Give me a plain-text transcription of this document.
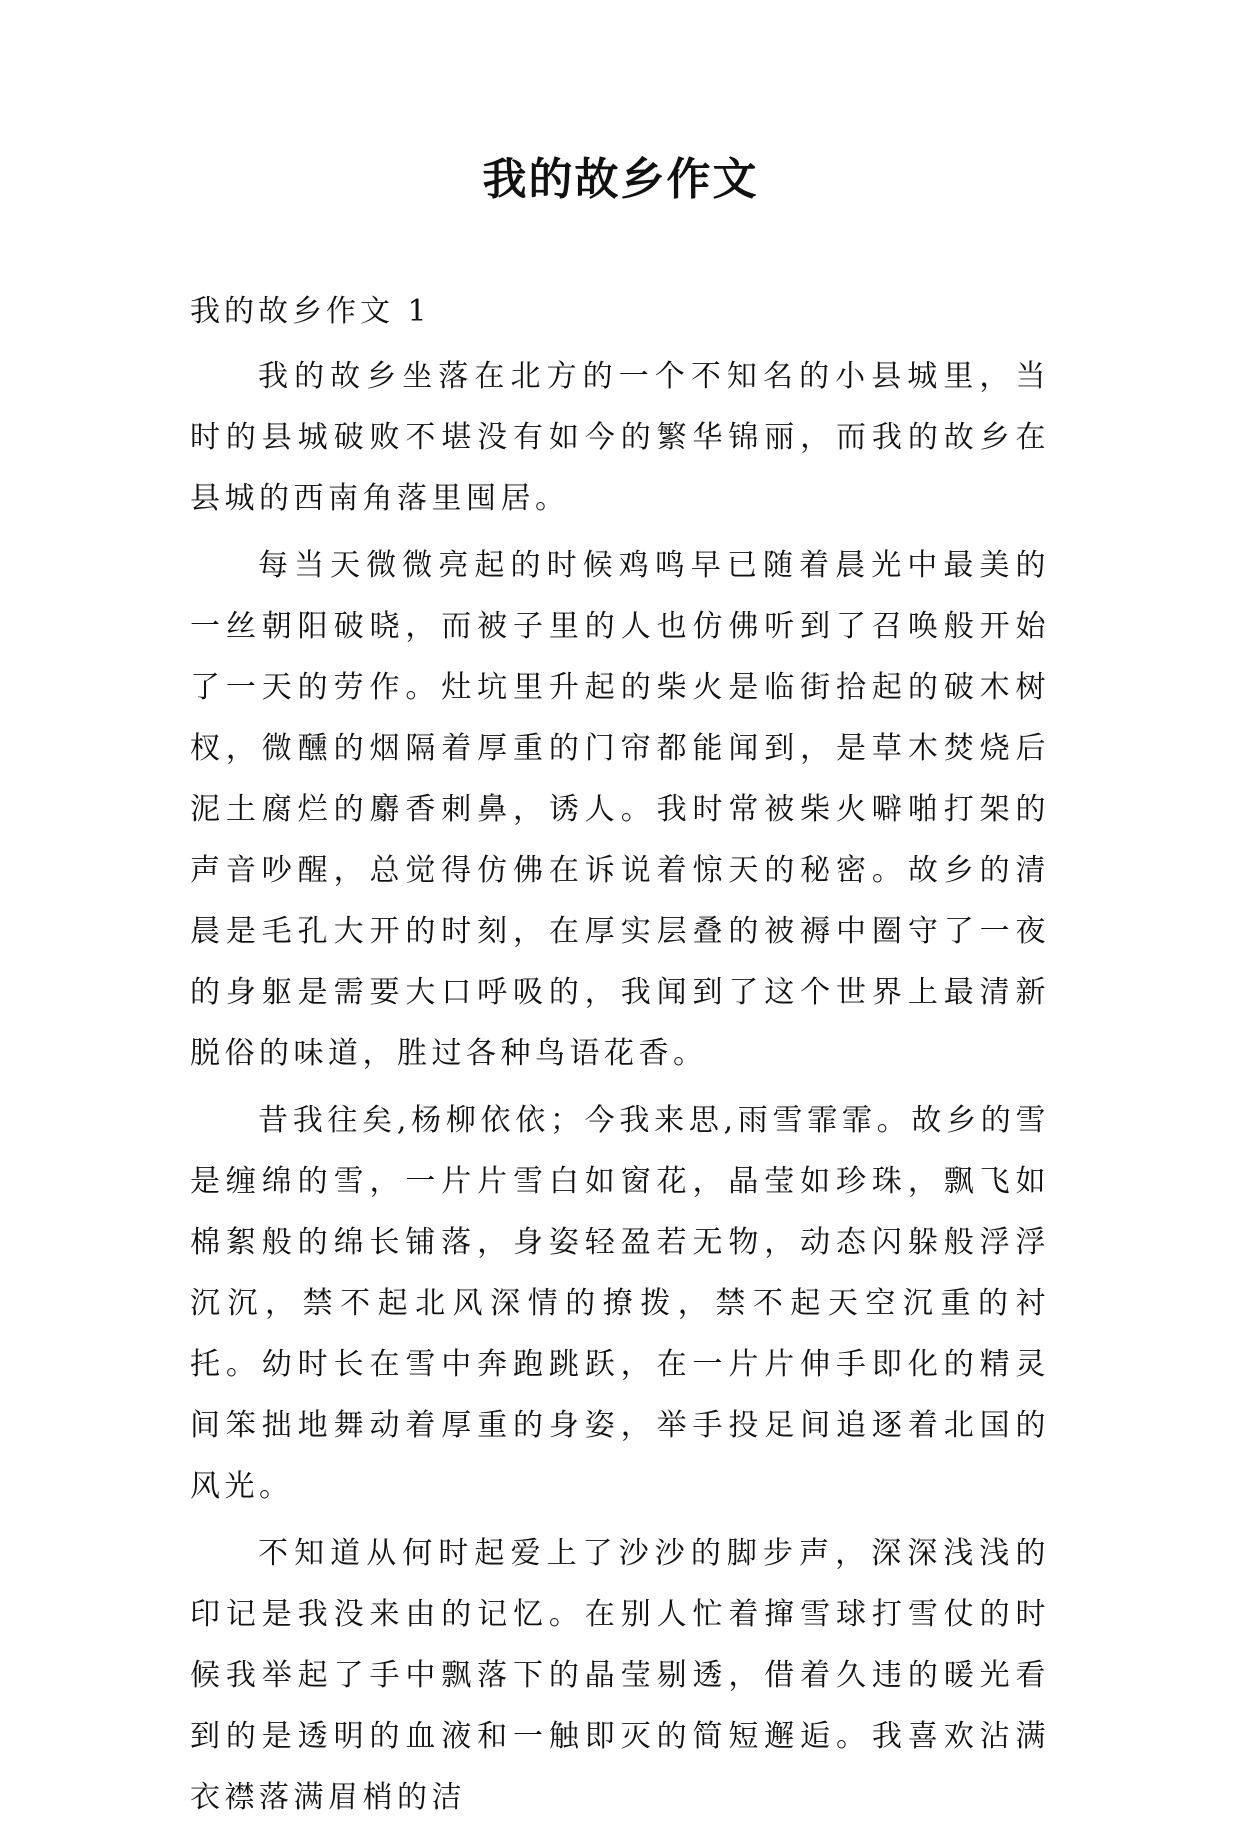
我的故乡作文

我的故乡作文 1

我的故乡坐落在北方的一个不知名的小县城里，当时的县城破败不堪没有如今的繁华锦丽，而我的故乡在县城的西南角落里囤居。

每当天微微亮起的时候鸡鸣早已随着晨光中最美的一丝朝阳破晓，而被子里的人也仿佛听到了召唤般开始了一天的劳作。灶坑里升起的柴火是临街拾起的破木树杈，微醺的烟隔着厚重的门帘都能闻到，是草木焚烧后泥土腐烂的麝香刺鼻，诱人。我时常被柴火噼啪打架的声音吵醒，总觉得仿佛在诉说着惊天的秘密。故乡的清晨是毛孔大开的时刻，在厚实层叠的被褥中圈守了一夜的身躯是需要大口呼吸的，我闻到了这个世界上最清新脱俗的味道，胜过各种鸟语花香。

昔我往矣,杨柳依依；今我来思,雨雪霏霏。故乡的雪是缠绵的雪，一片片雪白如窗花，晶莹如珍珠，飘飞如棉絮般的绵长铺落，身姿轻盈若无物，动态闪躲般浮浮沉沉，禁不起北风深情的撩拨，禁不起天空沉重的衬托。幼时长在雪中奔跑跳跃，在一片片伸手即化的精灵间笨拙地舞动着厚重的身姿，举手投足间追逐着北国的风光。

不知道从何时起爱上了沙沙的脚步声，深深浅浅的印记是我没来由的记忆。在别人忙着撺雪球打雪仗的时候我举起了手中飘落下的晶莹剔透，借着久违的暖光看到的是透明的血液和一触即灭的简短邂逅。我喜欢沾满衣襟落满眉梢的洁
